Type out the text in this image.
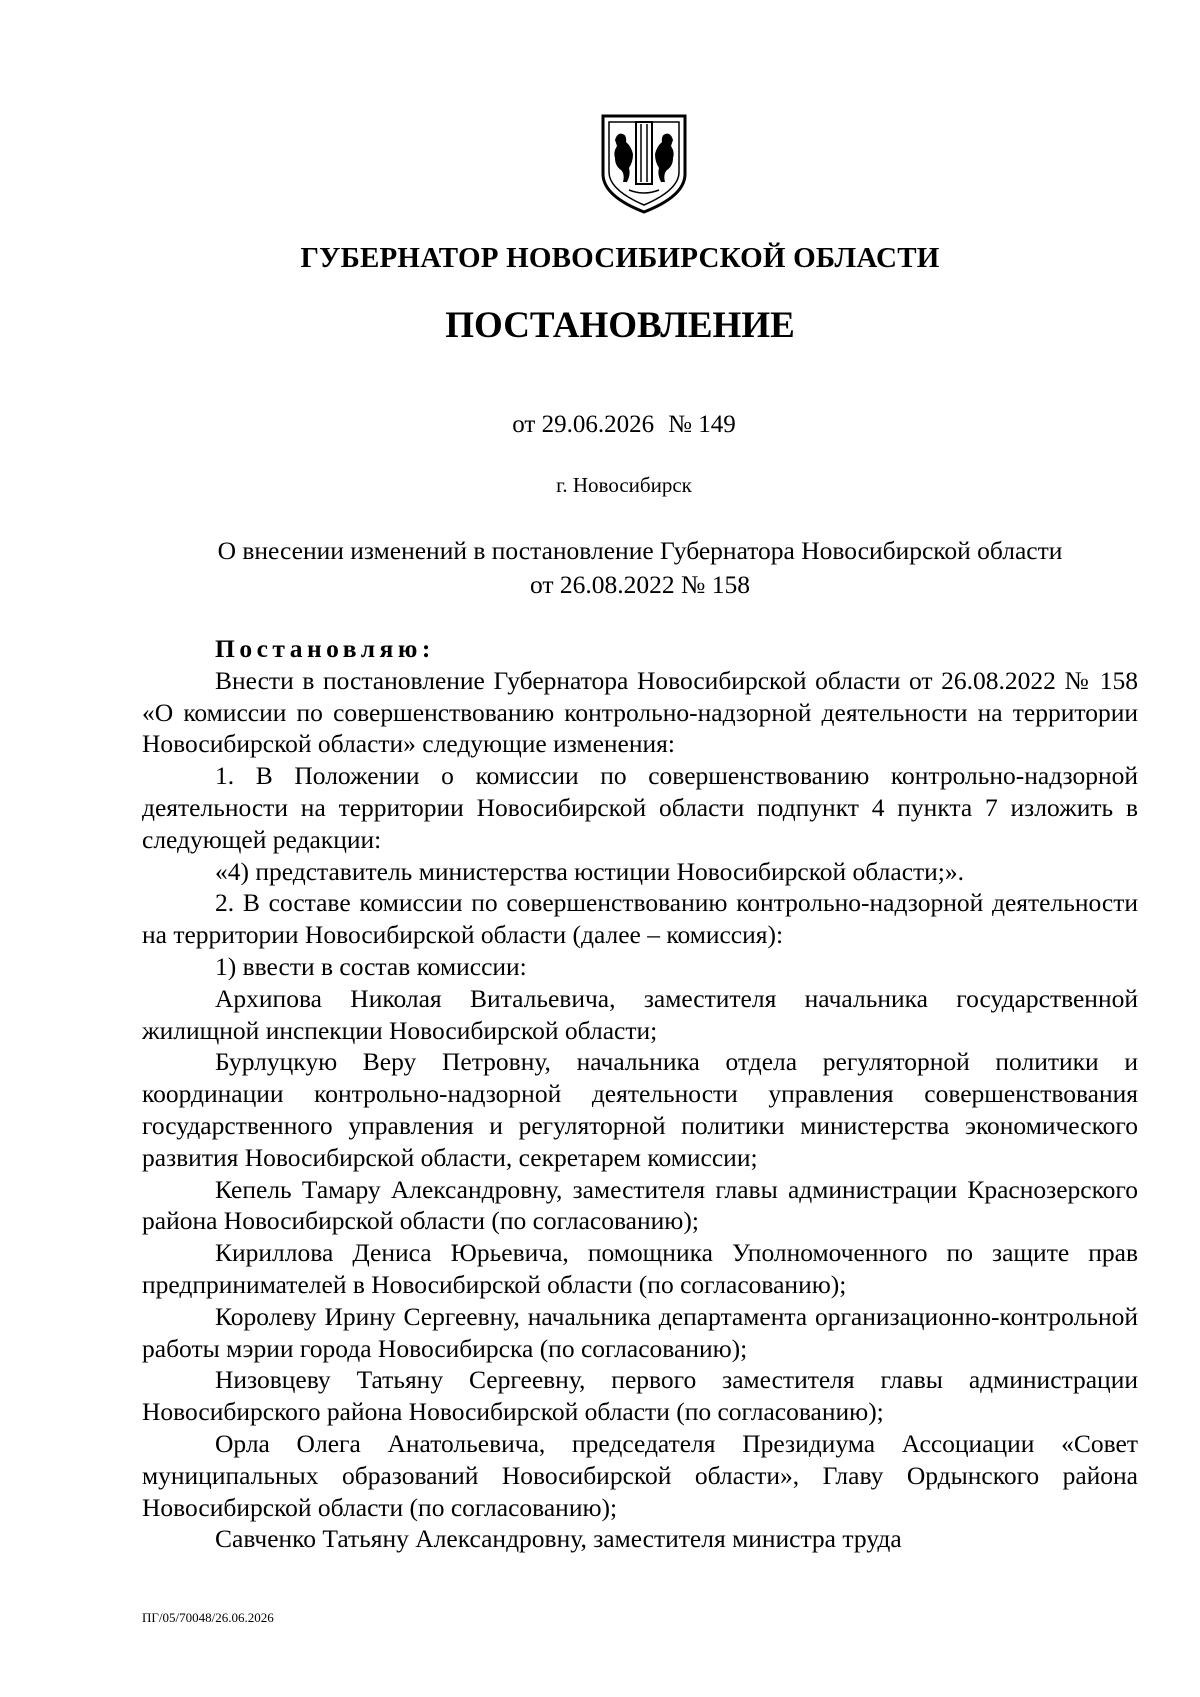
ГУБЕРНАТОР НОВОСИБИРСКОЙ ОБЛАСТИ
ПОСТАНОВЛЕНИЕ
от 29.06.2026 № 149
г. Новосибирск
О внесении изменений в постановление Губернатора Новосибирской области
от 26.08.2022 № 158

Постановляю:

Внести в постановление Губернатора Новосибирской области от 26.08.2022 № 158 «О комиссии по совершенствованию контрольно-надзорной деятельности на территории Новосибирской области» следующие изменения:

1. В Положении о комиссии по совершенствованию контрольно-надзорной деятельности на территории Новосибирской области подпункт 4 пункта 7 изложить в следующей редакции:

«4) представитель министерства юстиции Новосибирской области;».

2. В составе комиссии по совершенствованию контрольно-надзорной деятельности на территории Новосибирской области (далее – комиссия):

1) ввести в состав комиссии:

Архипова Николая Витальевича, заместителя начальника государственной жилищной инспекции Новосибирской области;

Бурлуцкую Веру Петровну, начальника отдела регуляторной политики и координации контрольно-надзорной деятельности управления совершенствования государственного управления и регуляторной политики министерства экономического развития Новосибирской области, секретарем комиссии;

Кепель Тамару Александровну, заместителя главы администрации Краснозерского района Новосибирской области (по согласованию);

Кириллова Дениса Юрьевича, помощника Уполномоченного по защите прав предпринимателей в Новосибирской области (по согласованию);

Королеву Ирину Сергеевну, начальника департамента организационно-контрольной работы мэрии города Новосибирска (по согласованию);

Низовцеву Татьяну Сергеевну, первого заместителя главы администрации Новосибирского района Новосибирской области (по согласованию);

Орла Олега Анатольевича, председателя Президиума Ассоциации «Совет муниципальных образований Новосибирской области», Главу Ордынского района Новосибирской области (по согласованию);

Савченко Татьяну Александровну, заместителя министра труда

ПГ/05/70048/26.06.2026
